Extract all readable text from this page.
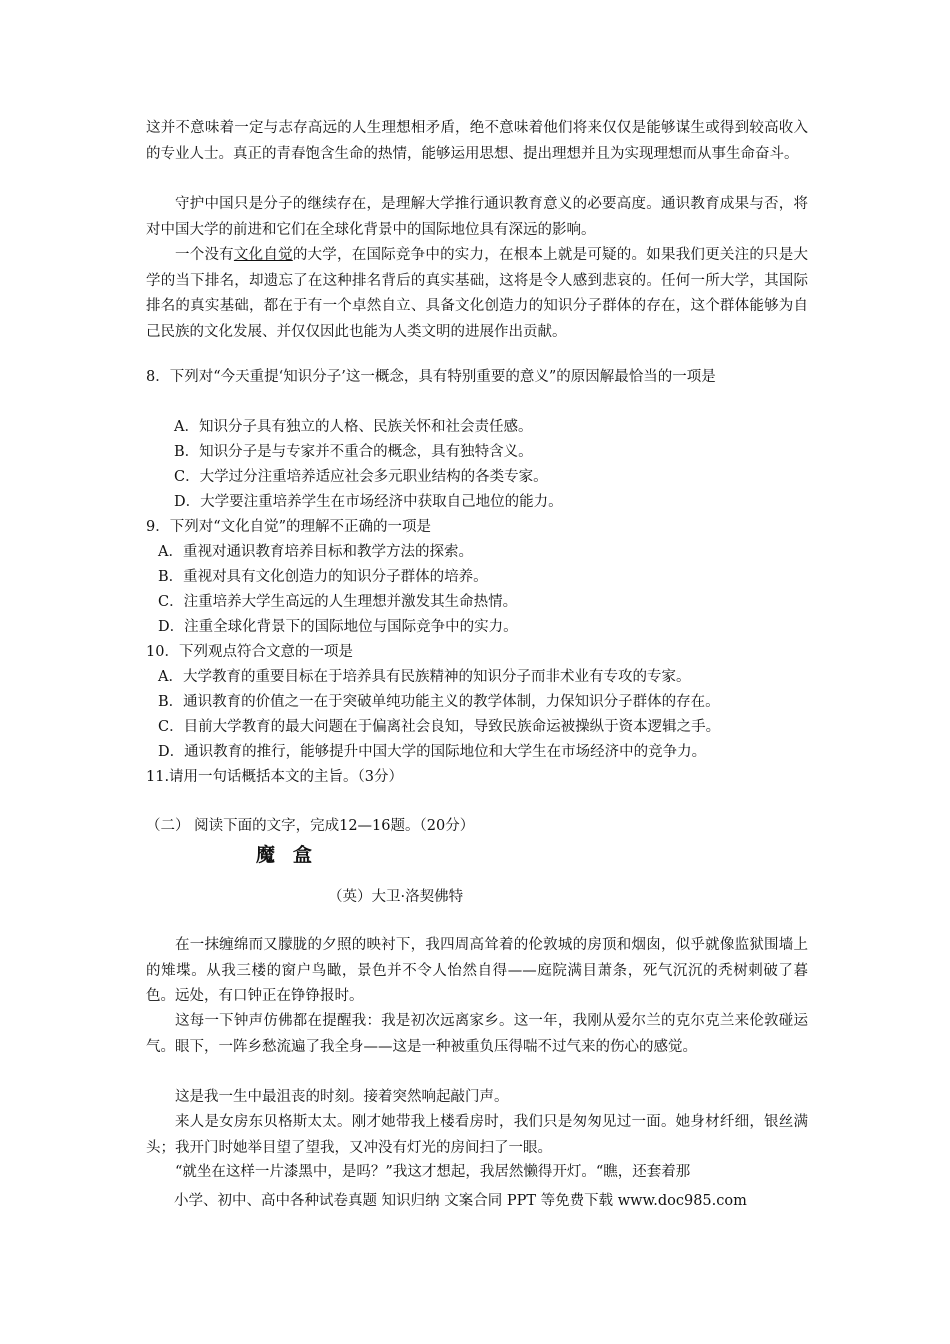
这并不意味着一定与志存高远的人生理想相矛盾，绝不意味着他们将来仅仅是能够谋生或得到较高收入的专业人士。真正的青春饱含生命的热情，能够运用思想、提出理想并且为实现理想而从事生命奋斗。

守护中国只是分子的继续存在，是理解大学推行通识教育意义的必要高度。通识教育成果与否，将对中国大学的前进和它们在全球化背景中的国际地位具有深远的影响。

一个没有文化自觉的大学，在国际竞争中的实力，在根本上就是可疑的。如果我们更关注的只是大学的当下排名，却遗忘了在这种排名背后的真实基础，这将是令人感到悲哀的。任何一所大学，其国际排名的真实基础，都在于有一个卓然自立、具备文化创造力的知识分子群体的存在，这个群体能够为自己民族的文化发展、并仅仅因此也能为人类文明的进展作出贡献。

8．下列对“今天重提‘知识分子’这一概念，具有特别重要的意义”的原因解最恰当的一项是

A．知识分子具有独立的人格、民族关怀和社会责任感。

B．知识分子是与专家并不重合的概念，具有独特含义。

C．大学过分注重培养适应社会多元职业结构的各类专家。

D．大学要注重培养学生在市场经济中获取自己地位的能力。

9．下列对“文化自觉”的理解不正确的一项是

A．重视对通识教育培养目标和教学方法的探索。

B．重视对具有文化创造力的知识分子群体的培养。

C．注重培养大学生高远的人生理想并激发其生命热情。

D．注重全球化背景下的国际地位与国际竞争中的实力。

10．下列观点符合文意的一项是

A．大学教育的重要目标在于培养具有民族精神的知识分子而非术业有专攻的专家。

B．通识教育的价值之一在于突破单纯功能主义的教学体制，力保知识分子群体的存在。

C．目前大学教育的最大问题在于偏离社会良知，导致民族命运被操纵于资本逻辑之手。

D．通识教育的推行，能够提升中国大学的国际地位和大学生在市场经济中的竞争力。

11.请用一句话概括本文的主旨。（3分）

（二） 阅读下面的文字，完成12—16题。（20分）

魔盒

（英）大卫·洛契佛特

在一抹缠绵而又朦胧的夕照的映衬下，我四周高耸着的伦敦城的房顶和烟囱，似乎就像监狱围墙上的雉堞。从我三楼的窗户鸟瞰，景色并不令人怡然自得——庭院满目萧条，死气沉沉的秃树刺破了暮色。远处，有口钟正在铮铮报时。

这每一下钟声仿佛都在提醒我：我是初次远离家乡。这一年，我刚从爱尔兰的克尔克兰来伦敦碰运气。眼下，一阵乡愁流遍了我全身——这是一种被重负压得喘不过气来的伤心的感觉。

这是我一生中最沮丧的时刻。接着突然响起敲门声。

来人是女房东贝格斯太太。刚才她带我上楼看房时，我们只是匆匆见过一面。她身材纤细，银丝满头；我开门时她举目望了望我，又冲没有灯光的房间扫了一眼。

“就坐在这样一片漆黑中，是吗？”我这才想起，我居然懒得开灯。“瞧，还套着那

小学、初中、高中各种试卷真题 知识归纳 文案合同 PPT 等免费下载 www.doc985.com
